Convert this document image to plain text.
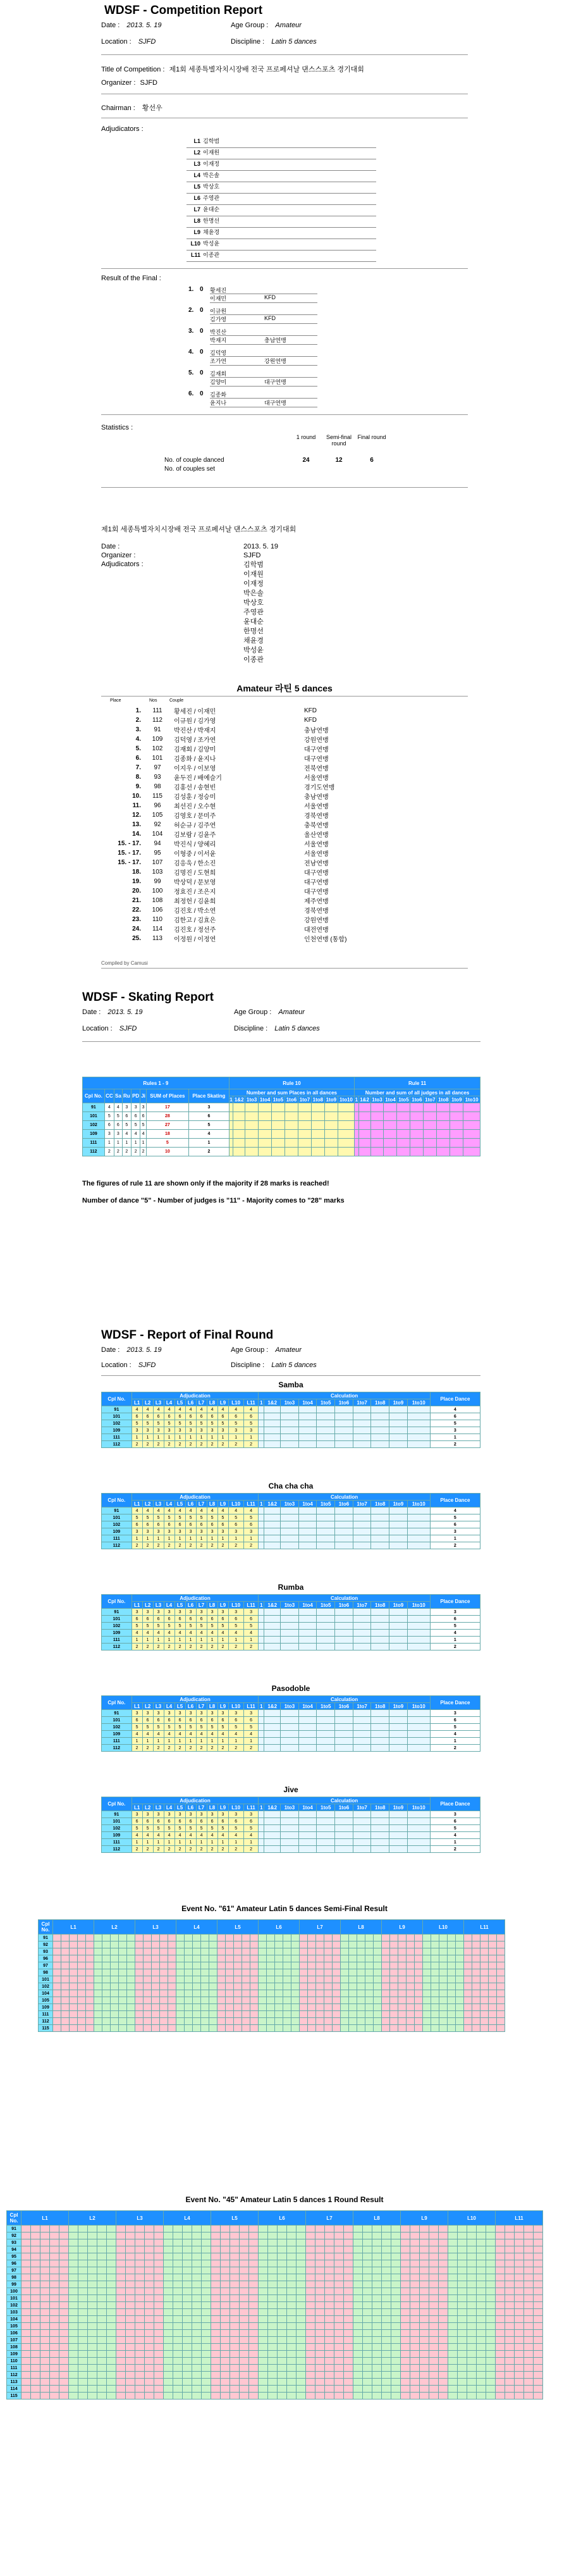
WDSF - Competition Report
Date : 2013. 5. 19	Age Group : Amateur
Location : SJFD	Discipline : Latin 5 dances
Title of Competition : 제1회 세종특별자치시장배 전국 프로페셔날 댄스스포츠 경기대회
Organizer : SJFD
Chairman : 황선우
Adjudicators :
L1 김학범
L2 이재원
L3 이재정
L4 박은솔
L5 박상호
L6 주영관
L7 윤대순
L8 한명선
L9 채윤경
L10 박성윤
L11 이종관
Result of the Final :
1. 0 황세진
이재민	KFD
2. 0 이규원
김가영	KFD
3. 0 박진산
박재지	충남연맹
4. 0 김덕영
조가연	강원연맹
5. 0 김재회
김양미	대구연맹
6. 0 김종화
윤지나	대구연맹
Statistics :
1 round	Semi-final round
Final round
No. of couple danced	24	12	6
No. of couples set
제1회 세종특별자치시장배 전국 프로페셔날 댄스스포츠 경기대회
Date :	2013. 5. 19
Organizer :	SJFD
Adjudicators :	김학범
이재원
이재정
박은솔
박상호
주영관
윤대순
한명선
채윤경
박성윤
이종관
Amateur 라틴 5 dances
Place	Nos	Couple
1.	111	황세진 / 이재민	KFD
2.	112	이규원 / 김가영	KFD
3.	91	박진산 / 박재지	충남연맹
4.	109	김덕영 / 조가연	강원연맹
5.	102	김재회 / 김양미	대구연맹
6.	101	김종화 / 윤지나	대구연맹
7.	97	이지우 / 이보영	전북연맹
8.	93	윤두진 / 배예슬기	서울연맹
9.	98	김홍선 / 송현빈	경기도연맹
10.	115	김성훈 / 정승미	충남연맹
11.	96	최선진 / 오수현	서울연맹
12.	105	김영호 / 문미주	경북연맹
13.	92	허순규 / 김주연	충북연맹
14.	104	김보람 / 김윤주	울산연맹
15. - 17.	94	박진식 / 양혜리	서울연맹
15. - 17.	95	이형중 / 이서윤	서울연맹
15. - 17.	107	김응욱 / 한소진	전남연맹
18.	103	김명진 / 도현희	대구연맹
19.	99	박상덕 / 문보영	대구연맹
20.	100	정효진 / 조은지	대구연맹
21.	108	최정헌 / 김윤희	제주연맹
22.	106	김진호 / 박소연	경북연맹
23.	110	김한고 / 김효은	강원연맹
24.	114	김진호 / 정선주	대전연맹
25.	113	이정원 / 이정연	인천연맹 (통합)
Compiled by Camusi
WDSF - Skating Report
Date : 2013. 5. 19	Age Group : Amateur
Location : SJFD	Discipline : Latin 5 dances
Rules 1 - 9								Rule 10										Rule 11									
Cpl No.	CC	Sa	Ru	PD	Ji	SUM of Places	Place Skating	Number and sum Places in all dances										Number and sum of all judges in all dances									
								1	1&2	1to3	1to4	1to5	1to6	1to7	1to8	1to9	1to10	1	1&2	1to3	1to4	1to5	1to6	1to7	1to8	1to9	1to10
91	4	4	3	3	3	17	3																				
101	5	5	6	6	6	28	6																				
102	6	6	5	5	5	27	5																				
109	3	3	4	4	4	18	4																				
111	1	1	1	1	1	5	1																				
112	2	2	2	2	2	10	2																				
The figures of rule 11 are shown only if the majority if 28 marks is reached!
Number of dance "5" - Number of judges is "11" - Majority comes to "28" marks
WDSF - Report of Final Round
Date : 2013. 5. 19	Age Group : Amateur
Location : SJFD	Discipline : Latin 5 dances
Samba
Cpl No.	Adjudication											Calculation										Place Dance
	L1	L2	L3	L4	L5	L6	L7	L8	L9	L10	L11	1	1&2	1to3	1to4	1to5	1to6	1to7	1to8	1to9	1to10	
91	4	4	4	4	4	4	4	4	4	4	4											4
101	6	6	6	6	6	6	6	6	6	6	6											6
102	5	5	5	5	5	5	5	5	5	5	5											5
109	3	3	3	3	3	3	3	3	3	3	3											3
111	1	1	1	1	1	1	1	1	1	1	1											1
112	2	2	2	2	2	2	2	2	2	2	2											2
Cha cha cha
Cpl No.	Adjudication											Calculation										Place Dance
	L1	L2	L3	L4	L5	L6	L7	L8	L9	L10	L11	1	1&2	1to3	1to4	1to5	1to6	1to7	1to8	1to9	1to10	
91	4	4	4	4	4	4	4	4	4	4	4											4
101	5	5	5	5	5	5	5	5	5	5	5											5
102	6	6	6	6	6	6	6	6	6	6	6											6
109	3	3	3	3	3	3	3	3	3	3	3											3
111	1	1	1	1	1	1	1	1	1	1	1											1
112	2	2	2	2	2	2	2	2	2	2	2											2
Rumba
Cpl No.	Adjudication											Calculation										Place Dance
	L1	L2	L3	L4	L5	L6	L7	L8	L9	L10	L11	1	1&2	1to3	1to4	1to5	1to6	1to7	1to8	1to9	1to10	
91	3	3	3	3	3	3	3	3	3	3	3											3
101	6	6	6	6	6	6	6	6	6	6	6											6
102	5	5	5	5	5	5	5	5	5	5	5											5
109	4	4	4	4	4	4	4	4	4	4	4											4
111	1	1	1	1	1	1	1	1	1	1	1											1
112	2	2	2	2	2	2	2	2	2	2	2											2
Pasodoble
Cpl No.	Adjudication											Calculation										Place Dance
	L1	L2	L3	L4	L5	L6	L7	L8	L9	L10	L11	1	1&2	1to3	1to4	1to5	1to6	1to7	1to8	1to9	1to10	
91	3	3	3	3	3	3	3	3	3	3	3											3
101	6	6	6	6	6	6	6	6	6	6	6											6
102	5	5	5	5	5	5	5	5	5	5	5											5
109	4	4	4	4	4	4	4	4	4	4	4											4
111	1	1	1	1	1	1	1	1	1	1	1											1
112	2	2	2	2	2	2	2	2	2	2	2											2
Jive
Cpl No.	Adjudication											Calculation										Place Dance
	L1	L2	L3	L4	L5	L6	L7	L8	L9	L10	L11	1	1&2	1to3	1to4	1to5	1to6	1to7	1to8	1to9	1to10	
91	3	3	3	3	3	3	3	3	3	3	3											3
101	6	6	6	6	6	6	6	6	6	6	6											6
102	5	5	5	5	5	5	5	5	5	5	5											5
109	4	4	4	4	4	4	4	4	4	4	4											4
111	1	1	1	1	1	1	1	1	1	1	1											1
112	2	2	2	2	2	2	2	2	2	2	2											2
Event No. "61" Amateur Latin 5 dances Semi-Final Result
Cpl No.	L1					L2					L3					L4					L5					L6					L7					L8					L9					L10					L11				
91																																																							
92																																																							
93																																																							
96																																																							
97																																																							
98																																																							
101																																																							
102																																																							
104																																																							
105																																																							
109																																																							
111																																																							
112																																																							
115																																																							
Event No. "45" Amateur Latin 5 dances 1 Round Result
Cpl No.	L1					L2					L3					L4					L5					L6					L7					L8					L9					L10					L11				
91																																																							
92																																																							
93																																																							
94																																																							
95																																																							
96																																																							
97																																																							
98																																																							
99																																																							
100																																																							
101																																																							
102																																																							
103																																																							
104																																																							
105																																																							
106																																																							
107																																																							
108																																																							
109																																																							
110																																																							
111																																																							
112																																																							
113																																																							
114																																																							
115																																																							
